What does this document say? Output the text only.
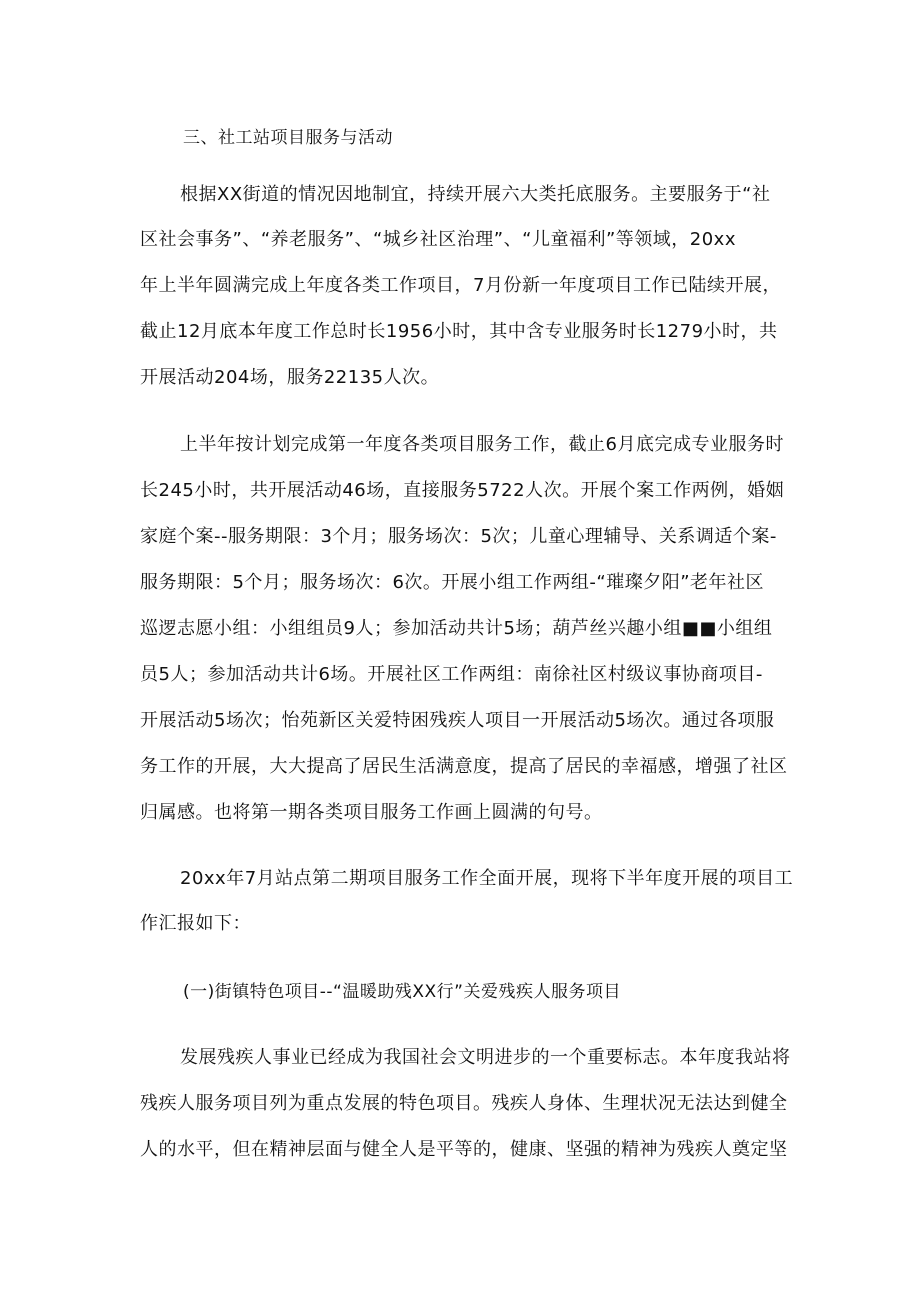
三、社工站项目服务与活动
根据XX街道的情况因地制宜，持续开展六大类托底服务。主要服务于“社
区社会事务”、“养老服务”、“城乡社区治理”、“儿童福利”等领域，20xx
年上半年圆满完成上年度各类工作项目，7月份新一年度项目工作已陆续开展，
截止12月底本年度工作总时长1956小时，其中含专业服务时长1279小时，共
开展活动204场，服务22135人次。
上半年按计划完成第一年度各类项目服务工作，截止6月底完成专业服务时
长245小时，共开展活动46场，直接服务5722人次。开展个案工作两例，婚姻
家庭个案--服务期限：3个月；服务场次：5次；儿童心理辅导、关系调适个案-
服务期限：5个月；服务场次：6次。开展小组工作两组-“璀璨夕阳”老年社区
巡逻志愿小组：小组组员9人；参加活动共计5场；葫芦丝兴趣小组■■小组组
员5人；参加活动共计6场。开展社区工作两组：南徐社区村级议事协商项目-
开展活动5场次；怡苑新区关爱特困残疾人项目一开展活动5场次。通过各项服
务工作的开展，大大提高了居民生活满意度，提高了居民的幸福感，增强了社区
归属感。也将第一期各类项目服务工作画上圆满的句号。
20xx年7月站点第二期项目服务工作全面开展，现将下半年度开展的项目工
作汇报如下：
(一)街镇特色项目--“温暖助残XX行”关爱残疾人服务项目
发展残疾人事业已经成为我国社会文明进步的一个重要标志。本年度我站将
残疾人服务项目列为重点发展的特色项目。残疾人身体、生理状况无法达到健全
人的水平，但在精神层面与健全人是平等的，健康、坚强的精神为残疾人奠定坚
